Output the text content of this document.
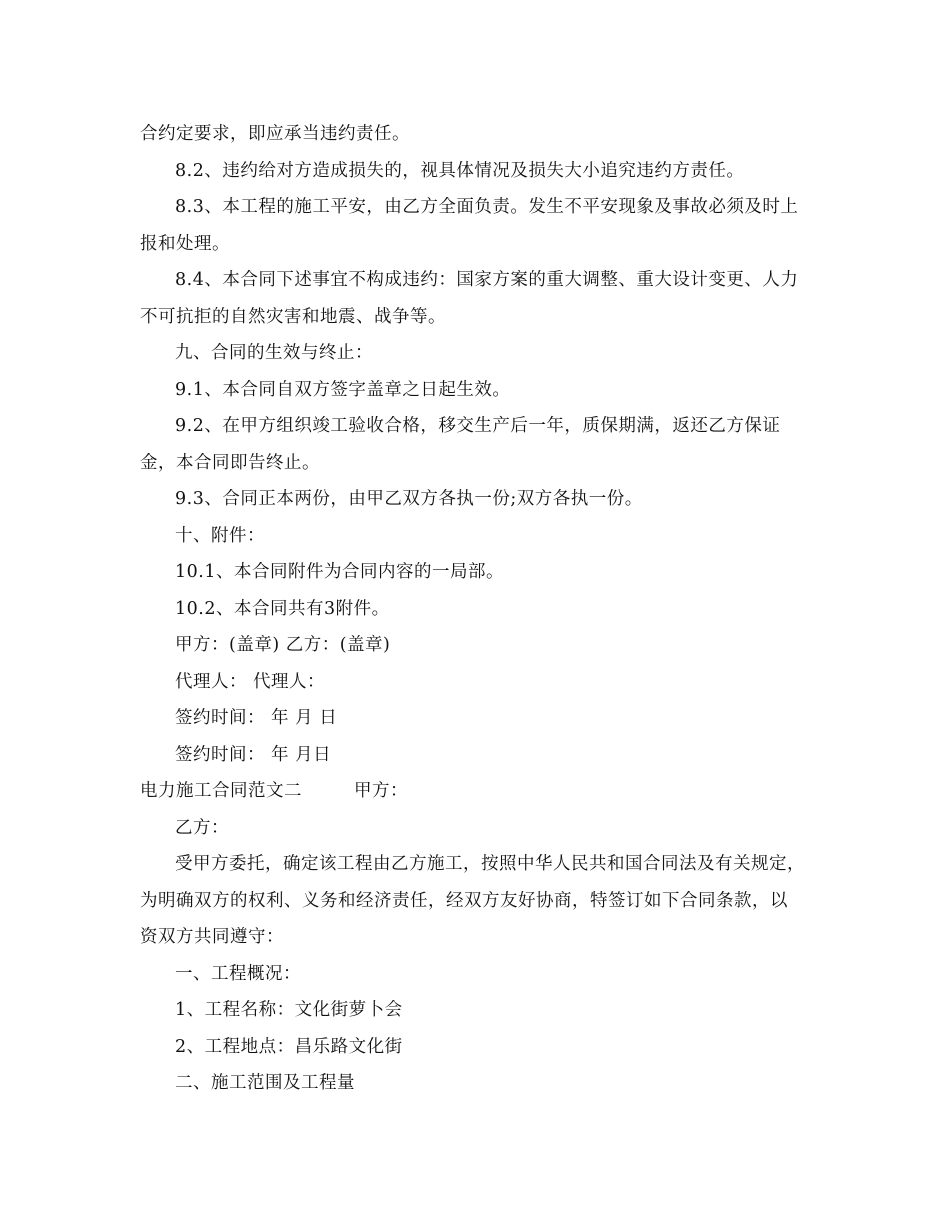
合约定要求，即应承当违约责任。

8.2、违约给对方造成损失的，视具体情况及损失大小追究违约方责任。

8.3、本工程的施工平安，由乙方全面负责。发生不平安现象及事故必须及时上报和处理。

8.4、本合同下述事宜不构成违约：国家方案的重大调整、重大设计变更、人力不可抗拒的自然灾害和地震、战争等。

九、合同的生效与终止：

9.1、本合同自双方签字盖章之日起生效。

9.2、在甲方组织竣工验收合格，移交生产后一年，质保期满，返还乙方保证金，本合同即告终止。

9.3、合同正本两份，由甲乙双方各执一份;双方各执一份。

十、附件：

10.1、本合同附件为合同内容的一局部。

10.2、本合同共有3附件。

甲方：(盖章) 乙方：(盖章)

代理人： 代理人：

签约时间： 年 月 日

签约时间： 年 月日

电力施工合同范文二	甲方：

乙方：

受甲方委托，确定该工程由乙方施工，按照中华人民共和国合同法及有关规定，为明确双方的权利、义务和经济责任，经双方友好协商，特签订如下合同条款，以资双方共同遵守：

一、工程概况：

1、工程名称：文化街萝卜会

2、工程地点：昌乐路文化街

二、施工范围及工程量
